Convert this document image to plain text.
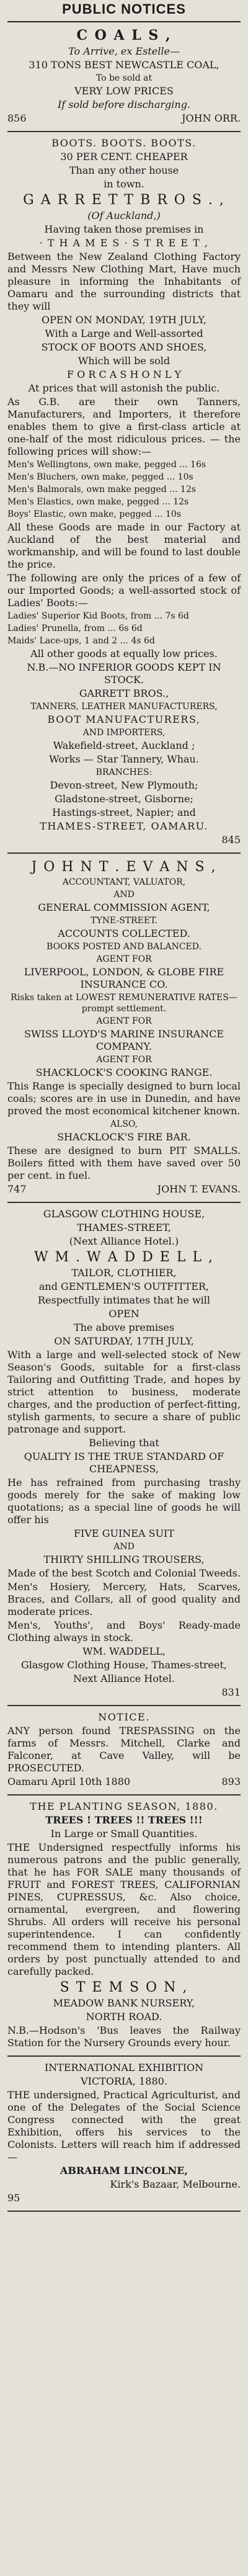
PUBLIC NOTICES
C O A L S ,
To Arrive, ex Estelle—
310 TONS BEST NEWCASTLE COAL,
To be sold at
VERY LOW PRICES
If sold before discharging.
856	JOHN ORR.
BOOTS. BOOTS. BOOTS.
30 PER CENT. CHEAPER
Than any other house
in town.
G A R R E T T B R O S . ,
(Of Auckland,)
Having taken those premises in
· T H A M E S · S T R E E T ,
Between the New Zealand Clothing Factory and Messrs New Clothing Mart, Have much pleasure in informing the Inhabitants of Oamaru and the surrounding districts that they will
OPEN ON MONDAY, 19TH JULY,
With a Large and Well-assorted
STOCK OF BOOTS AND SHOES,
Which will be sold
F O R C A S H O N L Y
At prices that will astonish the public.
As G.B. are their own Tanners, Manufacturers, and Importers, it therefore enables them to give a first-class article at one-half of the most ridiculous prices. — the following prices will show:—
Men's Wellingtons, own make, pegged ... 16s
Men's Bluchers, own make, pegged ... 10s
Men's Balmorals, own make pegged ... 12s
Men's Elastics, own make, pegged ... 12s
Boys' Elastic, own make, pegged ... 10s
All these Goods are made in our Factory at Auckland of the best material and workmanship, and will be found to last double the price.
The following are only the prices of a few of our Imported Goods; a well-assorted stock of Ladies' Boots:—
Ladies' Superior Kid Boots, from ... 7s 6d
Ladies' Prunella, from ... 6s 6d
Maids' Lace-ups, 1 and 2 ... 4s 6d
All other goods at equally low prices.
N.B.—NO INFERIOR GOODS KEPT IN STOCK.
GARRETT BROS.,
TANNERS, LEATHER MANUFACTURERS,
BOOT MANUFACTURERS,
AND IMPORTERS,
Wakefield-street, Auckland ;
Works — Star Tannery, Whau.
BRANCHES:
Devon-street, New Plymouth;
Gladstone-street, Gisborne;
Hastings-street, Napier; and
THAMES-STREET, OAMARU.
845
J O H N T . E V A N S ,
ACCOUNTANT, VALUATOR,
AND
GENERAL COMMISSION AGENT,
TYNE-STREET.
ACCOUNTS COLLECTED.
BOOKS POSTED AND BALANCED.
AGENT FOR
LIVERPOOL, LONDON, & GLOBE FIRE INSURANCE CO.
Risks taken at LOWEST REMUNERATIVE RATES—prompt settlement.
AGENT FOR
SWISS LLOYD'S MARINE INSURANCE COMPANY.
AGENT FOR
SHACKLOCK'S COOKING RANGE.
This Range is specially designed to burn local coals; scores are in use in Dunedin, and have proved the most economical kitchener known.
ALSO,
SHACKLOCK'S FIRE BAR.
These are designed to burn PIT SMALLS. Boilers fitted with them have saved over 50 per cent. in fuel.
747	JOHN T. EVANS.
GLASGOW CLOTHING HOUSE,
THAMES-STREET,
(Next Alliance Hotel.)
W M . W A D D E L L ,
TAILOR, CLOTHIER,
and GENTLEMEN'S OUTFITTER,
Respectfully intimates that he will
OPEN
The above premises
ON SATURDAY, 17TH JULY,
With a large and well-selected stock of New Season's Goods, suitable for a first-class Tailoring and Outfitting Trade, and hopes by strict attention to business, moderate charges, and the production of perfect-fitting, stylish garments, to secure a share of public patronage and support.
Believing that
QUALITY IS THE TRUE STANDARD OF CHEAPNESS,
He has refrained from purchasing trashy goods merely for the sake of making low quotations; as a special line of goods he will offer his
FIVE GUINEA SUIT
AND
THIRTY SHILLING TROUSERS,
Made of the best Scotch and Colonial Tweeds.
Men's Hosiery, Mercery, Hats, Scarves, Braces, and Collars, all of good quality and moderate prices.
Men's, Youths', and Boys' Ready-made Clothing always in stock.
WM. WADDELL,
Glasgow Clothing House, Thames-street,
Next Alliance Hotel.
831
NOTICE.
ANY person found TRESPASSING on the farms of Messrs. Mitchell, Clarke and Falconer, at Cave Valley, will be PROSECUTED.
Oamaru April 10th 1880	893
THE PLANTING SEASON, 1880.
TREES ! TREES !! TREES !!!
In Large or Small Quantities.
THE Undersigned respectfully informs his numerous patrons and the public generally, that he has FOR SALE many thousands of FRUIT and FOREST TREES, CALIFORNIAN PINES, CUPRESSUS, &c. Also choice, ornamental, evergreen, and flowering Shrubs. All orders will receive his personal superintendence. I can confidently recommend them to intending planters. All orders by post punctually attended to and carefully packed.
S T E M S O N ,
MEADOW BANK NURSERY,
NORTH ROAD.
N.B.—Hodson's 'Bus leaves the Railway Station for the Nursery Grounds every hour.
INTERNATIONAL EXHIBITION
VICTORIA, 1880.
THE undersigned, Practical Agriculturist, and one of the Delegates of the Social Science Congress connected with the great Exhibition, offers his services to the Colonists. Letters will reach him if addressed—
ABRAHAM LINCOLNE,
Kirk's Bazaar, Melbourne.
95
